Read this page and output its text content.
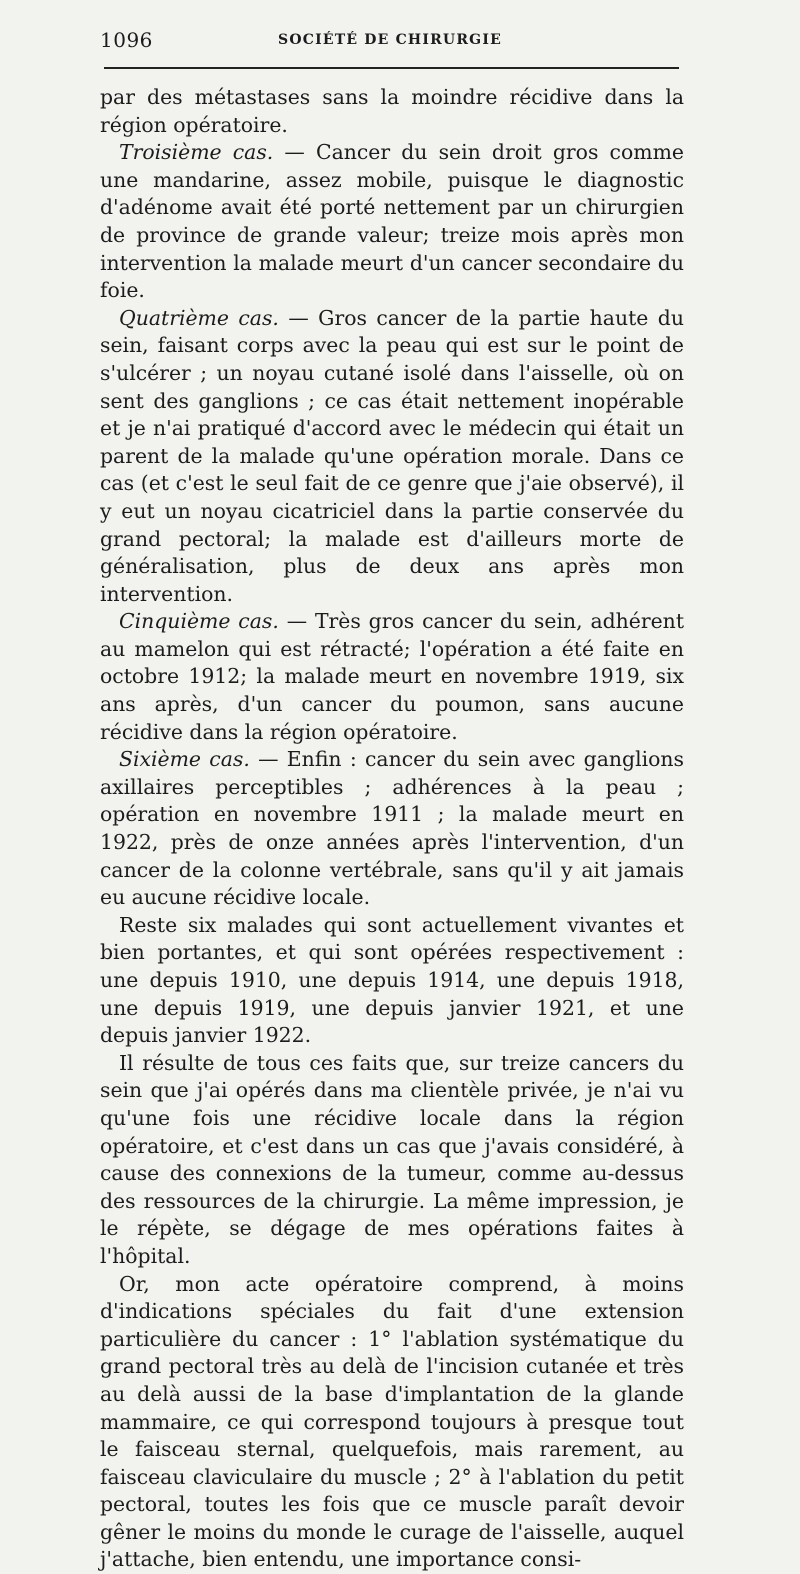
1096	SOCIÉTÉ DE CHIRURGIE

par des métastases sans la moindre récidive dans la région opératoire.

Troisième cas. — Cancer du sein droit gros comme une mandarine, assez mobile, puisque le diagnostic d'adénome avait été porté nettement par un chirurgien de province de grande valeur; treize mois après mon intervention la malade meurt d'un cancer secondaire du foie.

Quatrième cas. — Gros cancer de la partie haute du sein, faisant corps avec la peau qui est sur le point de s'ulcérer ; un noyau cutané isolé dans l'aisselle, où on sent des ganglions ; ce cas était nettement inopérable et je n'ai pratiqué d'accord avec le médecin qui était un parent de la malade qu'une opération morale. Dans ce cas (et c'est le seul fait de ce genre que j'aie observé), il y eut un noyau cicatriciel dans la partie conservée du grand pectoral; la malade est d'ailleurs morte de généralisation, plus de deux ans après mon intervention.

Cinquième cas. — Très gros cancer du sein, adhérent au mamelon qui est rétracté; l'opération a été faite en octobre 1912; la malade meurt en novembre 1919, six ans après, d'un cancer du poumon, sans aucune récidive dans la région opératoire.

Sixième cas. — Enfin : cancer du sein avec ganglions axillaires perceptibles ; adhérences à la peau ; opération en novembre 1911 ; la malade meurt en 1922, près de onze années après l'intervention, d'un cancer de la colonne vertébrale, sans qu'il y ait jamais eu aucune récidive locale.

Reste six malades qui sont actuellement vivantes et bien portantes, et qui sont opérées respectivement : une depuis 1910, une depuis 1914, une depuis 1918, une depuis 1919, une depuis janvier 1921, et une depuis janvier 1922.

Il résulte de tous ces faits que, sur treize cancers du sein que j'ai opérés dans ma clientèle privée, je n'ai vu qu'une fois une récidive locale dans la région opératoire, et c'est dans un cas que j'avais considéré, à cause des connexions de la tumeur, comme au-dessus des ressources de la chirurgie. La même impression, je le répète, se dégage de mes opérations faites à l'hôpital.

Or, mon acte opératoire comprend, à moins d'indications spéciales du fait d'une extension particulière du cancer : 1° l'ablation systématique du grand pectoral très au delà de l'incision cutanée et très au delà aussi de la base d'implantation de la glande mammaire, ce qui correspond toujours à presque tout le faisceau sternal, quelquefois, mais rarement, au faisceau claviculaire du muscle ; 2° à l'ablation du petit pectoral, toutes les fois que ce muscle paraît devoir gêner le moins du monde le curage de l'aisselle, auquel j'attache, bien entendu, une importance consi-
